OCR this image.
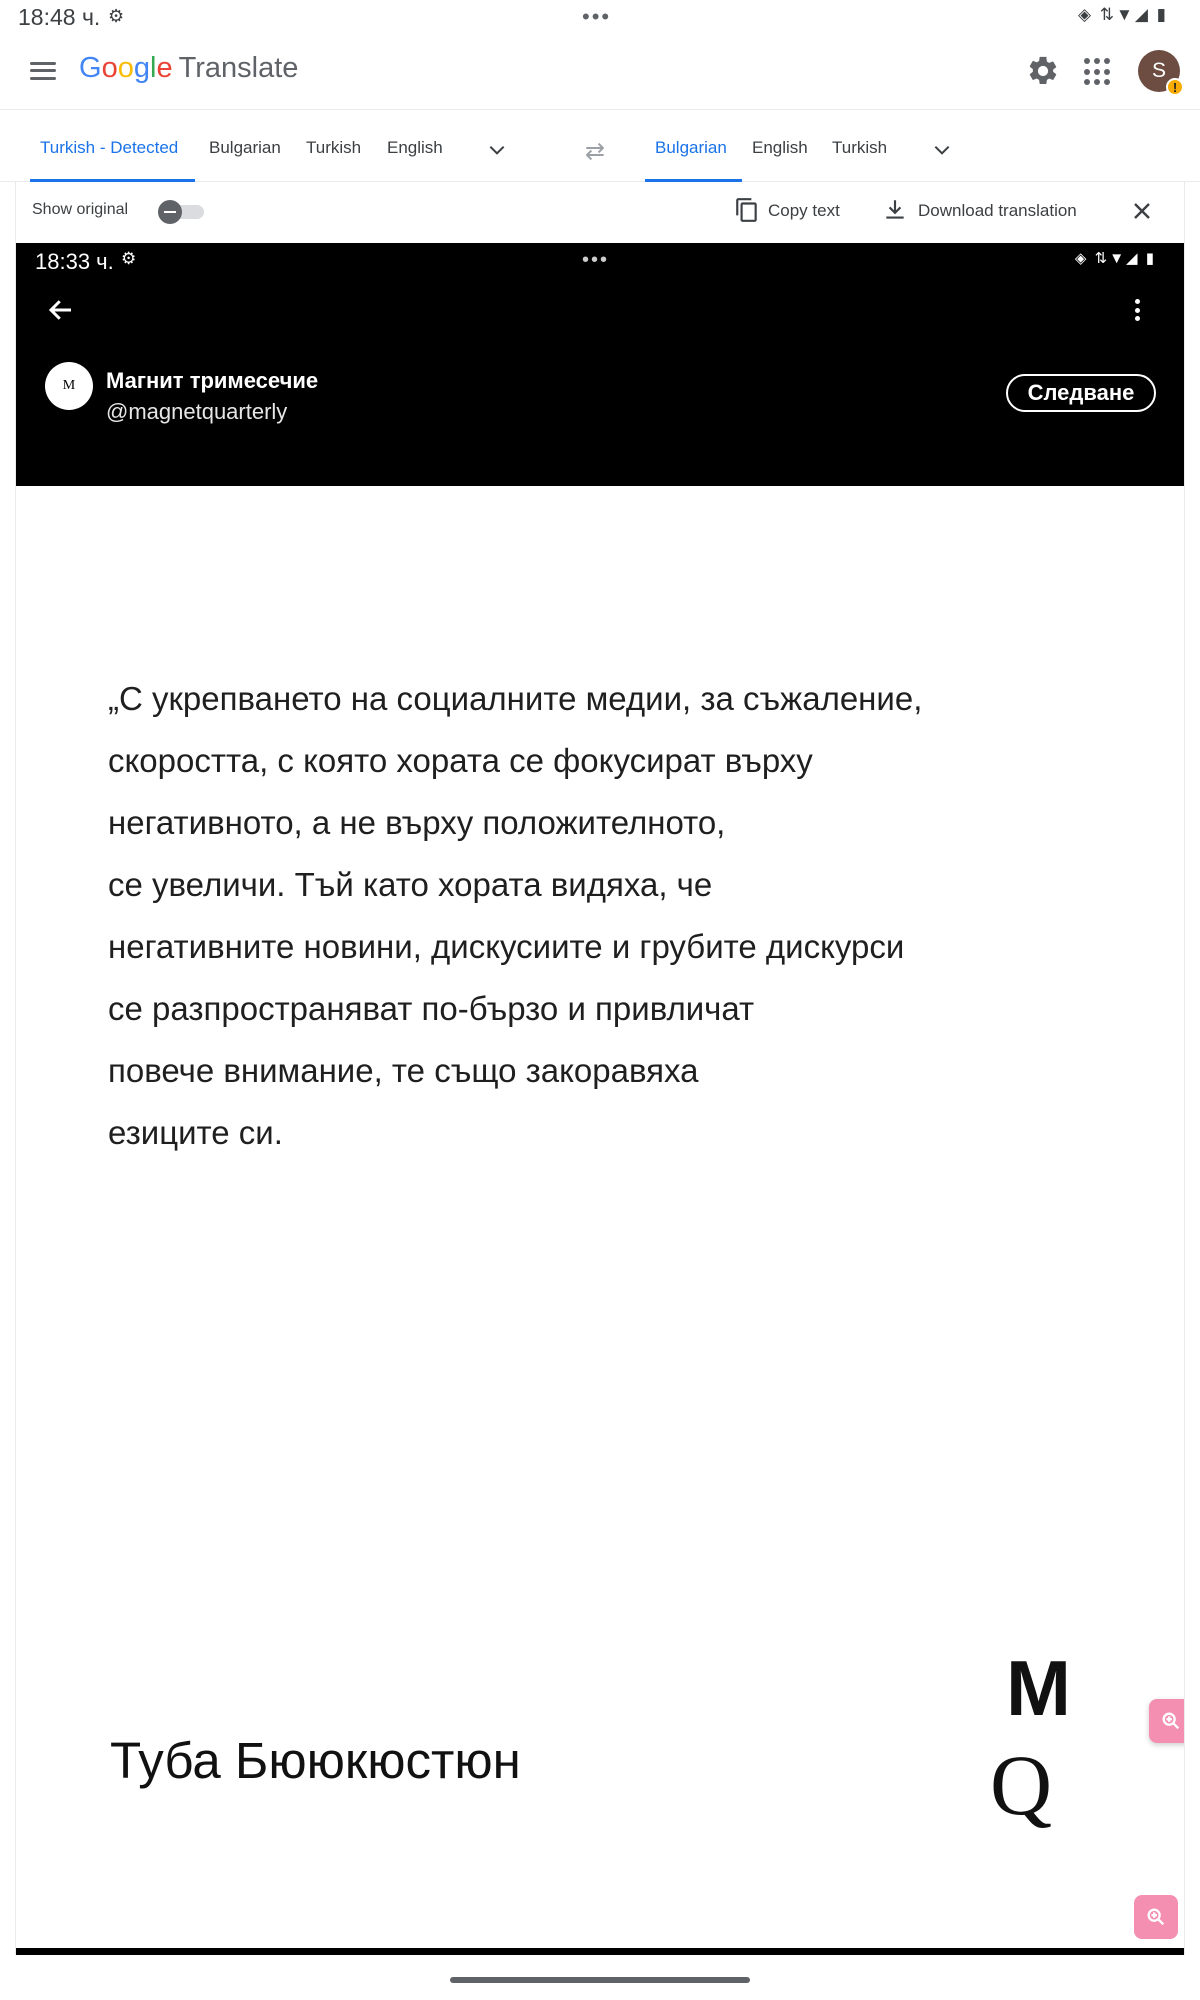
18:48 ч. ⚙	•••	◈ ⇅▼◢ ▮
Google Translate	S
!
Turkish - Detected Bulgarian Turkish English	⇄	Bulgarian English Turkish
Show original	Copy text	Download translation
18:33 ч. ⚙	•••	◈ ⇅▼◢ ▮
M Магнит тримесечие
@magnetquarterly
Следване

„С укрепването на социалните медии, за съжаление,

скоростта, с която хората се фокусират върху

негативното, а не върху положителното,

се увеличи. Тъй като хората видяха, че

негативните новини, дискусиите и грубите дискурси

се разпространяват по-бързо и привличат

повече внимание, те също закоравяха

езиците си.

Туба Бююкюстюн
M
Q
